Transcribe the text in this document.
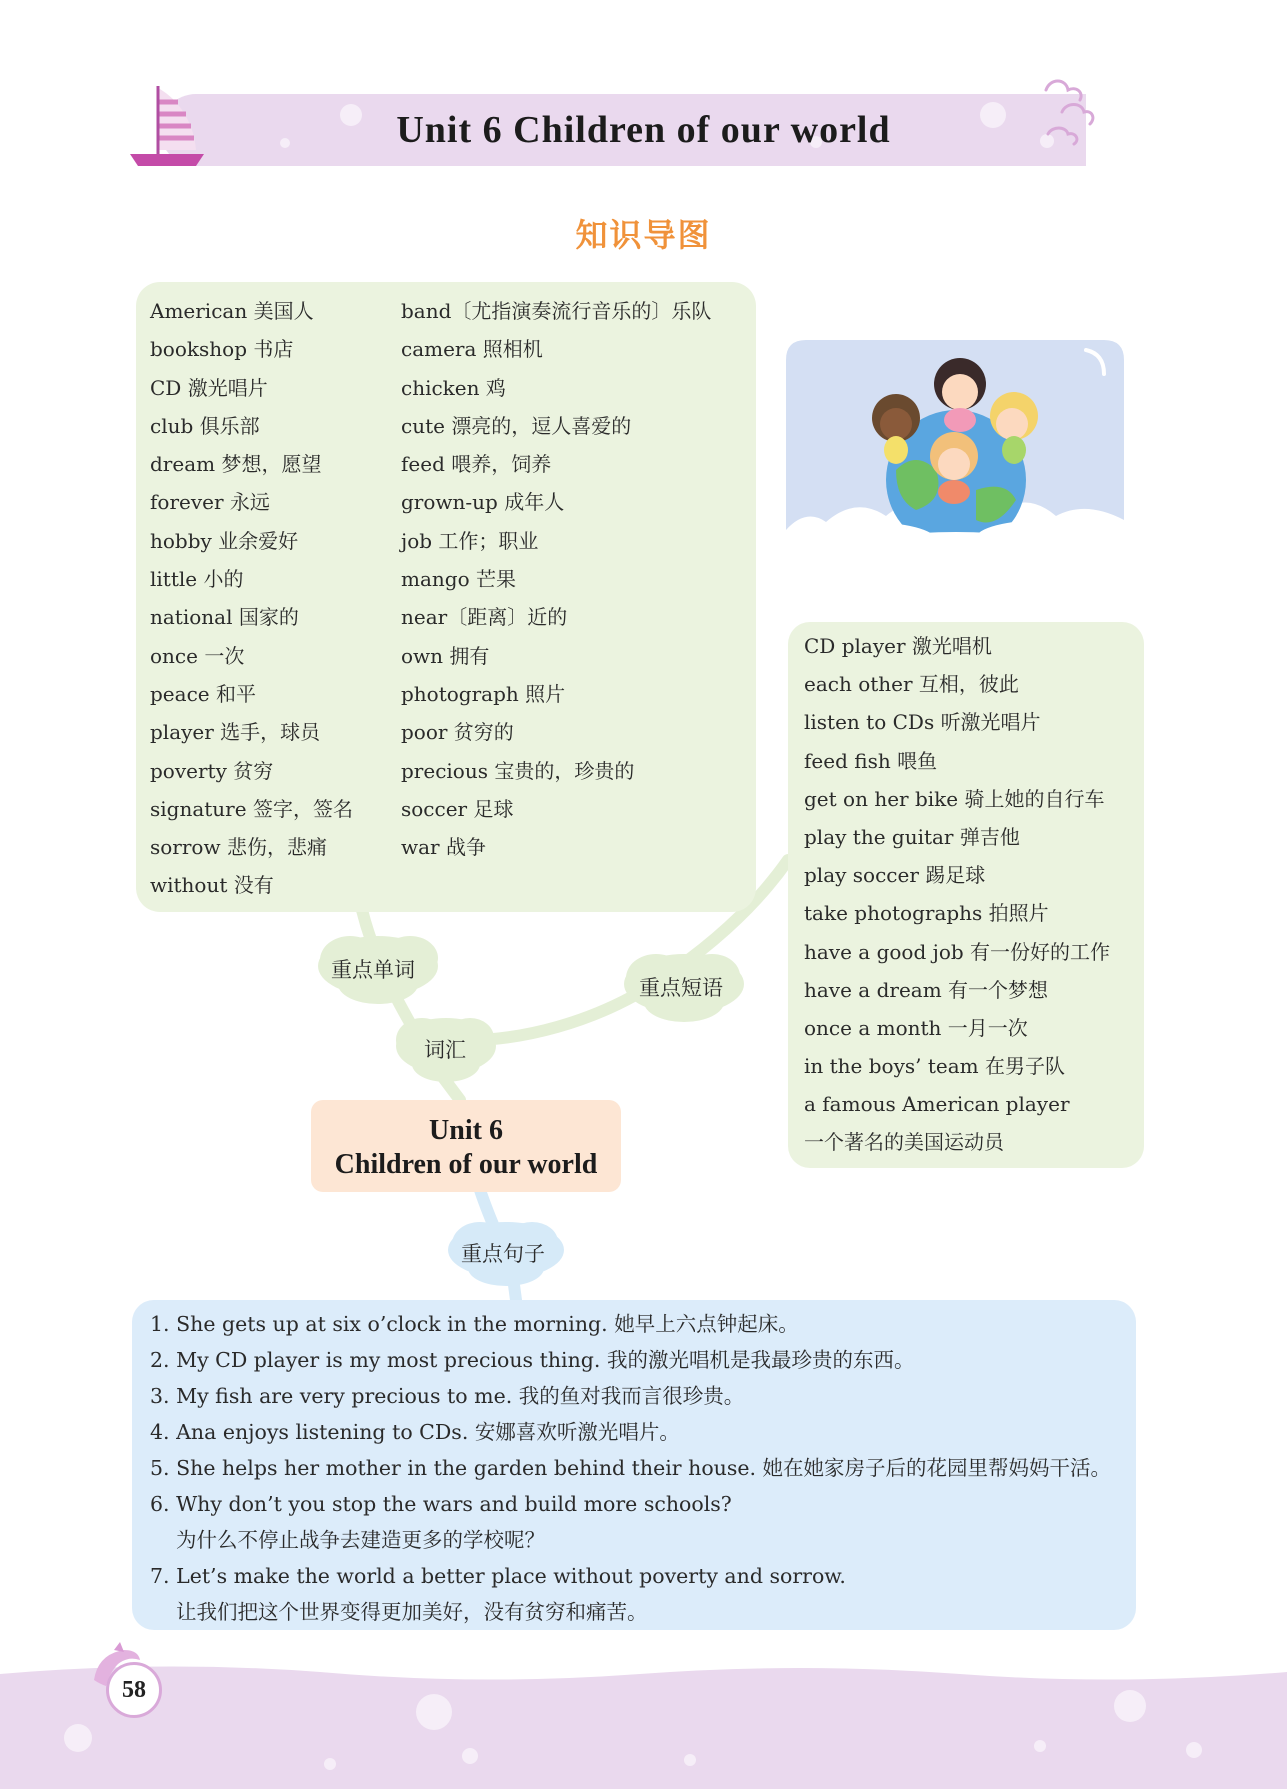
Unit 6 Children of our world
知识导图
重点单词
重点短语
词汇
重点句子
Unit 6
Children of our world
American 美国人
bookshop 书店
CD 激光唱片
club 俱乐部
dream 梦想，愿望
forever 永远
hobby 业余爱好
little 小的
national 国家的
once 一次
peace 和平
player 选手，球员
poverty 贫穷
signature 签字，签名
sorrow 悲伤，悲痛
without 没有
band〔尤指演奏流行音乐的〕乐队
camera 照相机
chicken 鸡
cute 漂亮的，逗人喜爱的
feed 喂养，饲养
grown-up 成年人
job 工作；职业
mango 芒果
near〔距离〕近的
own 拥有
photograph 照片
poor 贫穷的
precious 宝贵的，珍贵的
soccer 足球
war 战争
CD player 激光唱机
each other 互相，彼此
listen to CDs 听激光唱片
feed fish 喂鱼
get on her bike 骑上她的自行车
play the guitar 弹吉他
play soccer 踢足球
take photographs 拍照片
have a good job 有一份好的工作
have a dream 有一个梦想
once a month 一月一次
in the boys’ team 在男子队
a famous American player
一个著名的美国运动员
1. She gets up at six o’clock in the morning. 她早上六点钟起床。
2. My CD player is my most precious thing. 我的激光唱机是我最珍贵的东西。
3. My fish are very precious to me. 我的鱼对我而言很珍贵。
4. Ana enjoys listening to CDs. 安娜喜欢听激光唱片。
5. She helps her mother in the garden behind their house. 她在她家房子后的花园里帮妈妈干活。
6. Why don’t you stop the wars and build more schools?
为什么不停止战争去建造更多的学校呢？
7. Let’s make the world a better place without poverty and sorrow.
让我们把这个世界变得更加美好，没有贫穷和痛苦。
58
